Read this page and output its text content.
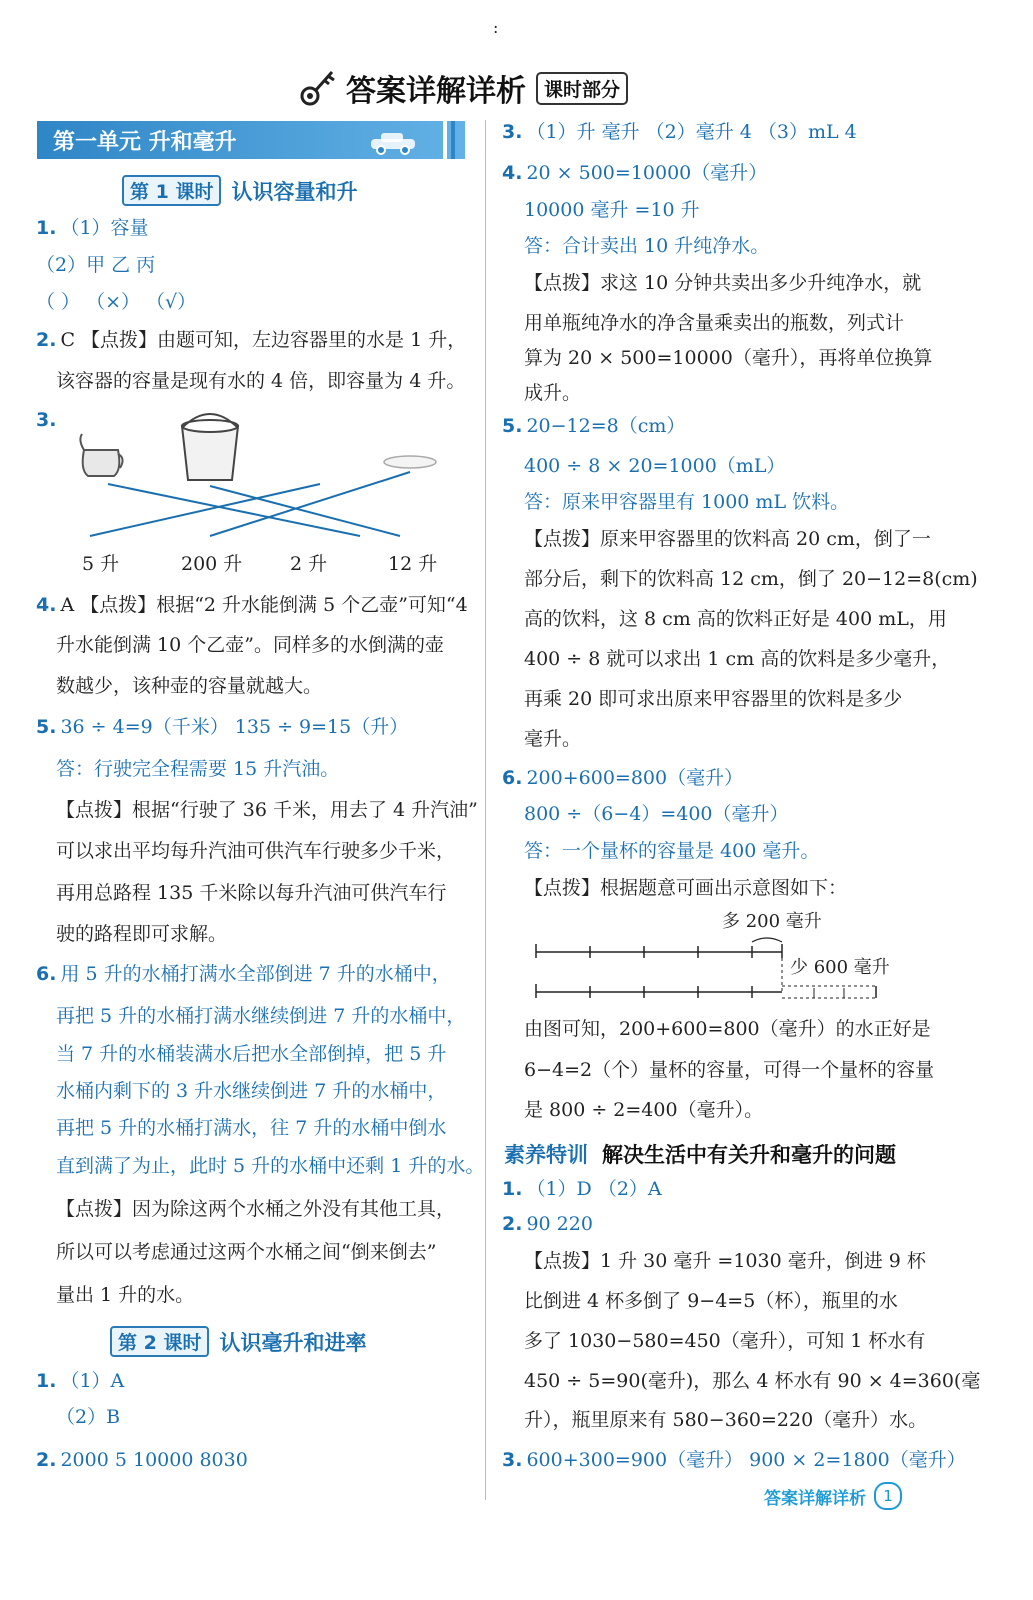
:
答案详解详析 课时部分
第一单元 升和毫升
第 1 课时 认识容量和升
1. （1）容量
（2）甲 乙 丙
（ ） （×） （√）
2. C 【点拨】由题可知，左边容器里的水是 1 升，
该容器的容量是现有水的 4 倍，即容量为 4 升。
3.
5 升	200 升	2 升	12 升
4. A 【点拨】根据“2 升水能倒满 5 个乙壶”可知“4
升水能倒满 10 个乙壶”。同样多的水倒满的壶
数越少，该种壶的容量就越大。
5. 36 ÷ 4=9（千米） 135 ÷ 9=15（升）
答：行驶完全程需要 15 升汽油。
【点拨】根据“行驶了 36 千米，用去了 4 升汽油”
可以求出平均每升汽油可供汽车行驶多少千米，
再用总路程 135 千米除以每升汽油可供汽车行
驶的路程即可求解。
6. 用 5 升的水桶打满水全部倒进 7 升的水桶中，
再把 5 升的水桶打满水继续倒进 7 升的水桶中，
当 7 升的水桶装满水后把水全部倒掉，把 5 升
水桶内剩下的 3 升水继续倒进 7 升的水桶中，
再把 5 升的水桶打满水，往 7 升的水桶中倒水
直到满了为止，此时 5 升的水桶中还剩 1 升的水。
【点拨】因为除这两个水桶之外没有其他工具，
所以可以考虑通过这两个水桶之间“倒来倒去”
量出 1 升的水。
第 2 课时 认识毫升和进率
1. （1）A
（2）B
2. 2000 5 10000 8030
3. （1）升 毫升 （2）毫升 4 （3）mL 4
4. 20 × 500=10000（毫升）
10000 毫升 =10 升
答：合计卖出 10 升纯净水。
【点拨】求这 10 分钟共卖出多少升纯净水，就
用单瓶纯净水的净含量乘卖出的瓶数，列式计
算为 20 × 500=10000（毫升），再将单位换算
成升。
5. 20−12=8（cm）
400 ÷ 8 × 20=1000（mL）
答：原来甲容器里有 1000 mL 饮料。
【点拨】原来甲容器里的饮料高 20 cm，倒了一
部分后，剩下的饮料高 12 cm，倒了 20−12=8(cm)
高的饮料，这 8 cm 高的饮料正好是 400 mL，用
400 ÷ 8 就可以求出 1 cm 高的饮料是多少毫升，
再乘 20 即可求出原来甲容器里的饮料是多少
毫升。
6. 200+600=800（毫升）
800 ÷（6−4）=400（毫升）
答：一个量杯的容量是 400 毫升。
【点拨】根据题意可画出示意图如下：
多 200 毫升
少 600 毫升
由图可知，200+600=800（毫升）的水正好是
6−4=2（个）量杯的容量，可得一个量杯的容量
是 800 ÷ 2=400（毫升）。
素养特训 解决生活中有关升和毫升的问题
1. （1）D （2）A
2. 90 220
【点拨】1 升 30 毫升 =1030 毫升，倒进 9 杯
比倒进 4 杯多倒了 9−4=5（杯），瓶里的水
多了 1030−580=450（毫升），可知 1 杯水有
450 ÷ 5=90(毫升)，那么 4 杯水有 90 × 4=360(毫
升），瓶里原来有 580−360=220（毫升）水。
3. 600+300=900（毫升） 900 × 2=1800（毫升）
答案详解详析	1
